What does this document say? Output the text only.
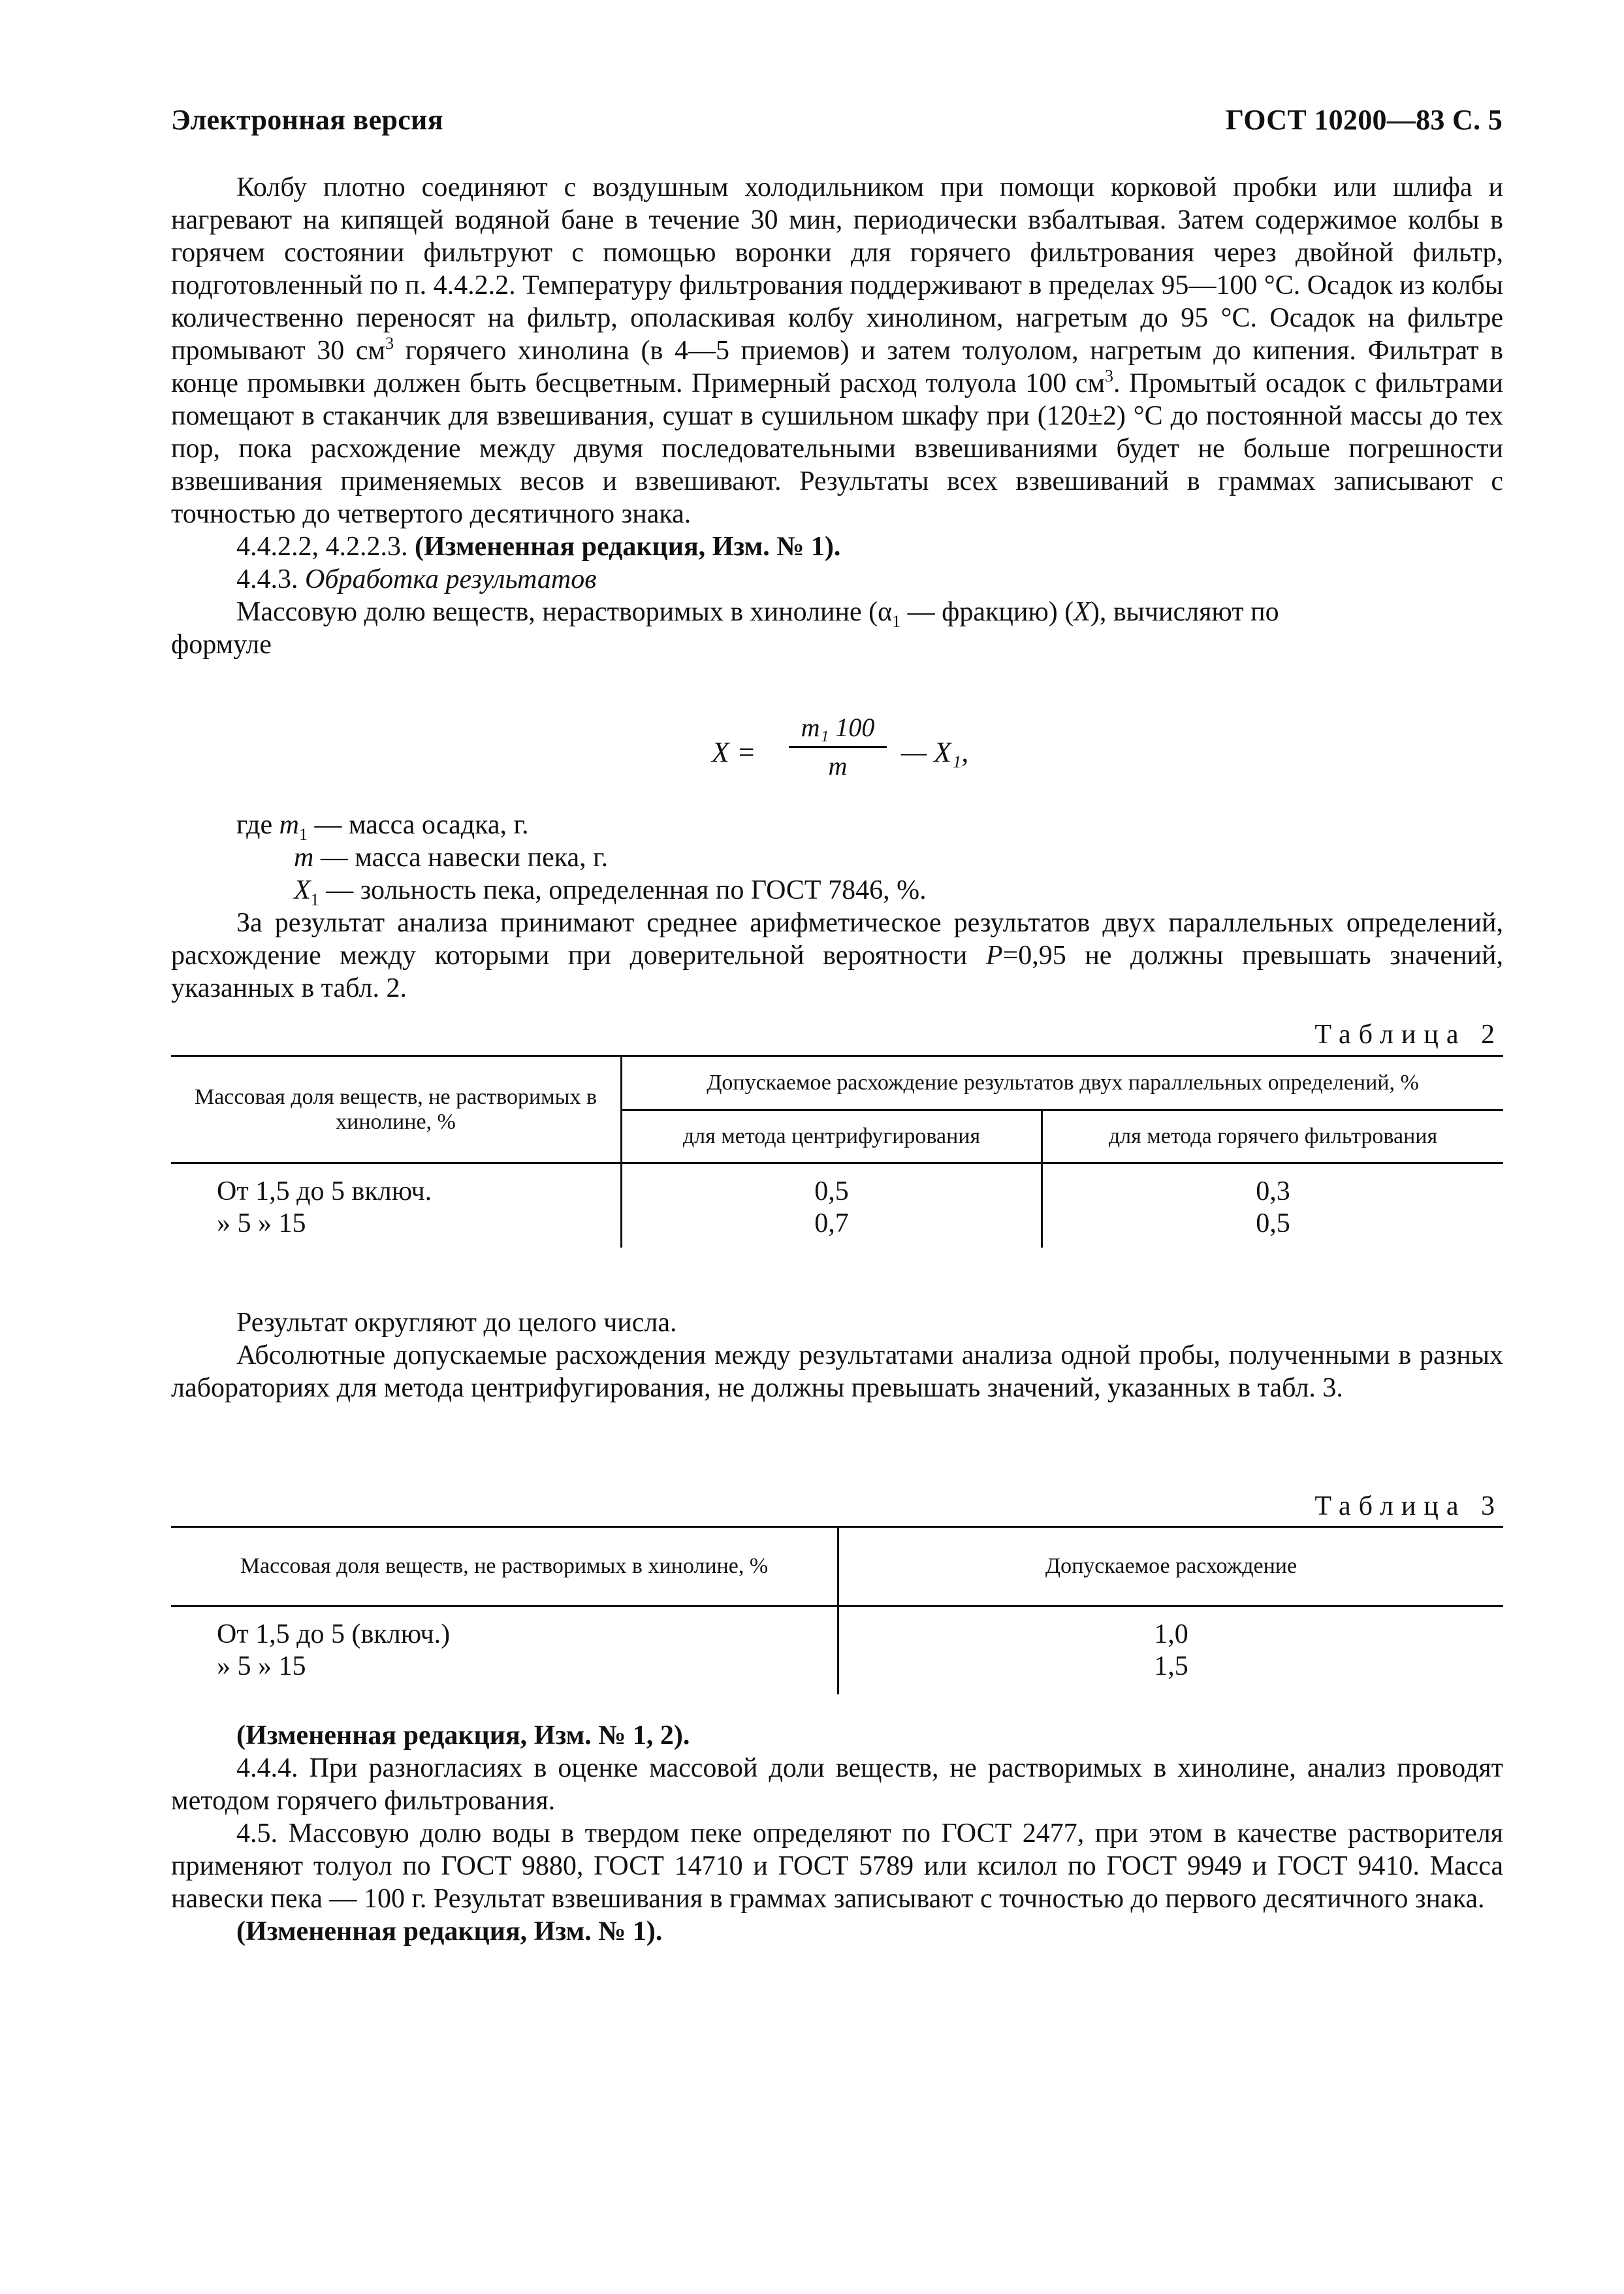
Электронная версия	ГОСТ 10200—83 С. 5

Колбу плотно соединяют с воздушным холодильником при помощи корковой пробки или шлифа и нагревают на кипящей водяной бане в течение 30 мин, периодически взбалтывая. Затем содержимое колбы в горячем состоянии фильтруют с помощью воронки для горячего фильтрования через двойной фильтр, подготовленный по п. 4.4.2.2. Температуру фильтрования поддерживают в пределах 95—100 °С. Осадок из колбы количественно переносят на фильтр, ополаскивая колбу хинолином, нагретым до 95 °С. Осадок на фильтре промывают 30 $см^3$ горячего хинолина (в 4—5 приемов) и затем толуолом, нагретым до кипения. Фильтрат в конце промывки должен быть бесцветным. Примерный расход толуола 100 $см^3$. Промытый осадок с фильтрами помещают в стаканчик для взвешивания, сушат в сушильном шкафу при (120±2) °С до постоянной массы до тех пор, пока расхождение между двумя последовательными взвешиваниями будет не больше погрешности взвешивания применяемых весов и взвешивают. Результаты всех взвешиваний в граммах записывают с точностью до четвертого десятичного знака.

4.4.2.2, 4.2.2.3. (Измененная редакция, Изм. № 1).

4.4.3. Обработка результатов

Массовую долю веществ, нерастворимых в хинолине ($\alpha_1$ — фракцию) (X), вычисляют по

формуле

X =
m₁ 100
m	— X₁,

где $m_1$ — масса осадка, г.

m — масса навески пека, г.

$X_1$ — зольность пека, определенная по ГОСТ 7846, %.

За результат анализа принимают среднее арифметическое результатов двух параллельных определений, расхождение между которыми при доверительной вероятности P=0,95 не должны превышать значений, указанных в табл. 2.

Таблица 2
Массовая доля веществ, не растворимых в хинолине, %	Допускаемое расхождение результатов двух параллельных определений, %	
	для метода центрифугирования	для метода горячего фильтрования
От 1,5 до 5 включ.	0,5	0,3
» 5 » 15	0,7	0,5

Результат округляют до целого числа.

Абсолютные допускаемые расхождения между результатами анализа одной пробы, полученными в разных лабораториях для метода центрифугирования, не должны превышать значений, указанных в табл. 3.

Таблица 3
Массовая доля веществ, не растворимых в хинолине, %	Допускаемое расхождение
От 1,5 до 5 (включ.)	1,0
» 5 » 15	1,5

(Измененная редакция, Изм. № 1, 2).

4.4.4. При разногласиях в оценке массовой доли веществ, не растворимых в хинолине, анализ проводят методом горячего фильтрования.

4.5. Массовую долю воды в твердом пеке определяют по ГОСТ 2477, при этом в качестве растворителя применяют толуол по ГОСТ 9880, ГОСТ 14710 и ГОСТ 5789 или ксилол по ГОСТ 9949 и ГОСТ 9410. Масса навески пека — 100 г. Результат взвешивания в граммах записывают с точностью до первого десятичного знака.

(Измененная редакция, Изм. № 1).
